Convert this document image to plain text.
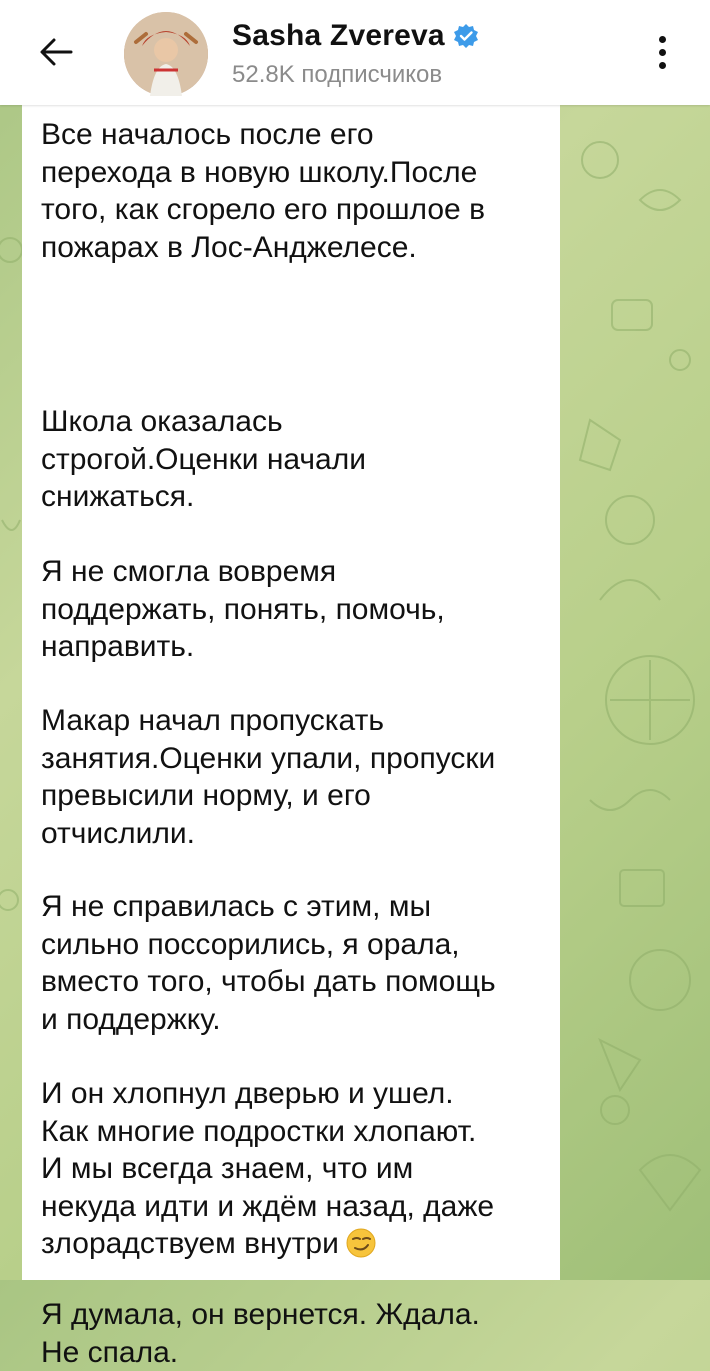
Sasha Zvereva
52.8K подписчиков

Все началось после его
перехода в новую школу.После
того, как сгорело его прошлое в
пожарах в Лос-Анджелесе.

Школа оказалась
строгой.Оценки начали
снижаться.

Я не смогла вовремя
поддержать, понять, помочь,
направить.

Макар начал пропускать
занятия.Оценки упали, пропуски
превысили норму, и его
отчислили.

Я не справилась с этим, мы
сильно поссорились, я орала,
вместо того, чтобы дать помощь
и поддержку.

И он хлопнул дверью и ушел.
Как многие подростки хлопают.
И мы всегда знаем, что им
некуда идти и ждём назад, даже
злорадствуем внутри

Я думала, он вернется. Ждала.
Не спала.
